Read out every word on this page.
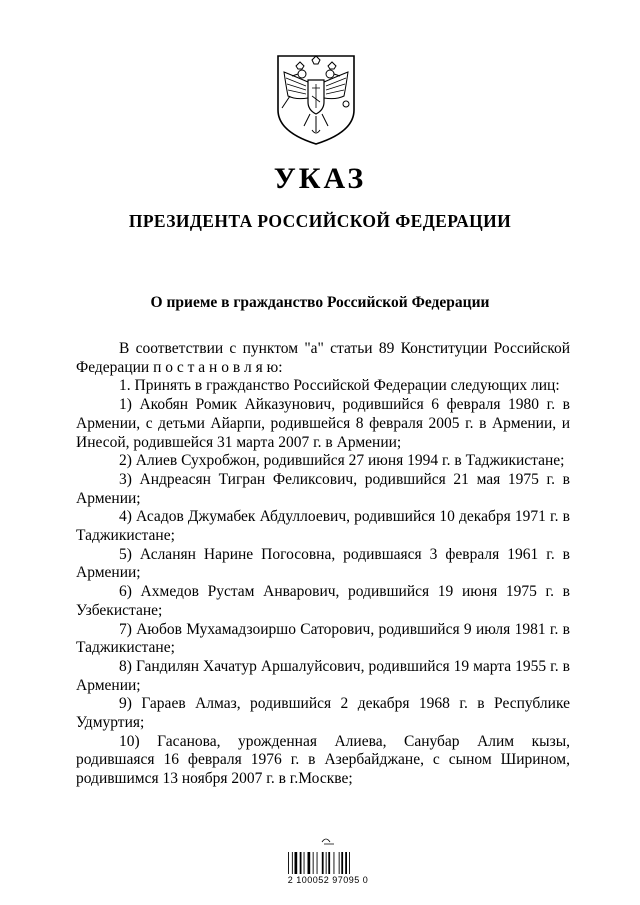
УКАЗ
ПРЕЗИДЕНТА РОССИЙСКОЙ ФЕДЕРАЦИИ
О приеме в гражданство Российской Федерации

В соответствии с пунктом "а" статьи 89 Конституции Российской Федерации п о с т а н о в л я ю:

1. Принять в гражданство Российской Федерации следующих лиц:

1) Акобян Ромик Айказунович, родившийся 6 февраля 1980 г. в Армении, с детьми Айарпи, родившейся 8 февраля 2005 г. в Армении, и Инесой, родившейся 31 марта 2007 г. в Армении;

2) Алиев Сухробжон, родившийся 27 июня 1994 г. в Таджикистане;

3) Андреасян Тигран Феликсович, родившийся 21 мая 1975 г. в Армении;

4) Асадов Джумабек Абдуллоевич, родившийся 10 декабря 1971 г. в Таджикистане;

5) Асланян Нарине Погосовна, родившаяся 3 февраля 1961 г. в Армении;

6) Ахмедов Рустам Анварович, родившийся 19 июня 1975 г. в Узбекистане;

7) Аюбов Мухамадзоиршо Саторович, родившийся 9 июля 1981 г. в Таджикистане;

8) Гандилян Хачатур Аршалуйсович, родившийся 19 марта 1955 г. в Армении;

9) Гараев Алмаз, родившийся 2 декабря 1968 г. в Республике Удмуртия;

10) Гасанова, урожденная Алиева, Санубар Алим кызы, родившаяся 16 февраля 1976 г. в Азербайджане, с сыном Ширином, родившимся 13 ноября 2007 г. в г.Москве;

2 100052 97095 0
